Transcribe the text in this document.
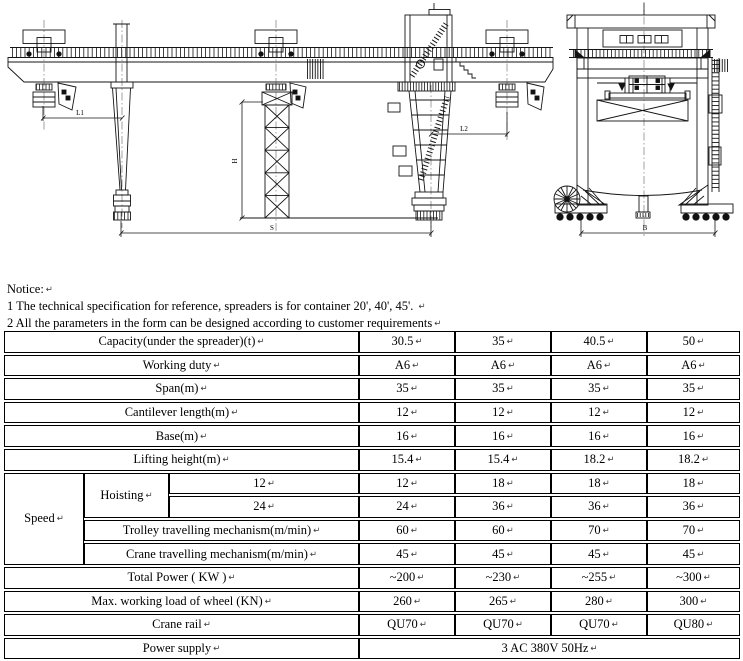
L1
L2
H
S	B
Notice: ↵
1 The technical specification for reference, spreaders is for container 20', 40', 45'. ↵
2 All the parameters in the form can be designed according to customer requirements ↵
Capacity(under the spreader)(t) ↵			30.5 ↵	35 ↵	40.5 ↵	50 ↵
Working duty ↵			A6 ↵	A6 ↵	A6 ↵	A6 ↵
Span(m) ↵			35 ↵	35 ↵	35 ↵	35 ↵
Cantilever length(m) ↵			12 ↵	12 ↵	12 ↵	12 ↵
Base(m) ↵			16 ↵	16 ↵	16 ↵	16 ↵
Lifting height(m) ↵			15.4 ↵	15.4 ↵	18.2 ↵	18.2 ↵
Speed ↵	Hoisting ↵	12 ↵	12 ↵	18 ↵	18 ↵	18 ↵
		24 ↵	24 ↵	36 ↵	36 ↵	36 ↵
	Trolley travelling mechanism(m/min) ↵		60 ↵	60 ↵	70 ↵	70 ↵
	Crane travelling mechanism(m/min) ↵		45 ↵	45 ↵	45 ↵	45 ↵
Total Power ( KW ) ↵			~200 ↵	~230 ↵	~255 ↵	~300 ↵
Max. working load of wheel (KN) ↵			260 ↵	265 ↵	280 ↵	300 ↵
Crane rail ↵			QU70 ↵	QU70 ↵	QU70 ↵	QU80 ↵
Power supply ↵			3 AC 380V 50Hz ↵			
